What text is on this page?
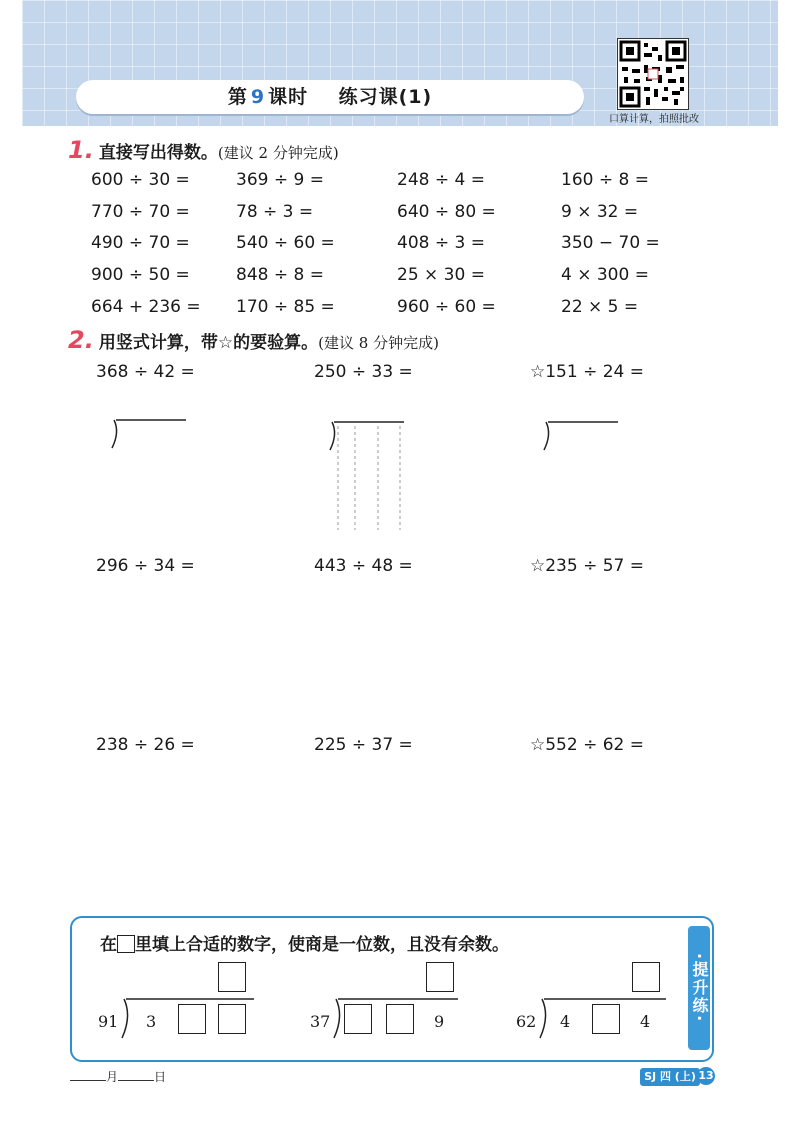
第 9 课时 练习课(1)
口算计算，拍照批改
1. 直接写出得数。(建议 2 分钟完成)
600 ÷ 30 =	369 ÷ 9 =	248 ÷ 4 =	160 ÷ 8 =
770 ÷ 70 =	78 ÷ 3 =	640 ÷ 80 =	9 × 32 =
490 ÷ 70 =	540 ÷ 60 =	408 ÷ 3 =	350 − 70 =
900 ÷ 50 =	848 ÷ 8 =	25 × 30 =	4 × 300 =
664 + 236 = 170 ÷ 85 =	960 ÷ 60 =	22 × 5 =
2. 用竖式计算，带☆的要验算。(建议 8 分钟完成)
368 ÷ 42 =	250 ÷ 33 =	☆151 ÷ 24 =
296 ÷ 34 =	443 ÷ 48 =	☆235 ÷ 57 =
238 ÷ 26 =	225 ÷ 37 =	☆552 ÷ 62 =
·提升练·
在 里填上合适的数字，使商是一位数，且没有余数。
91 3	37	9	62 4	4
月	日	SJ 四 (上) 13
